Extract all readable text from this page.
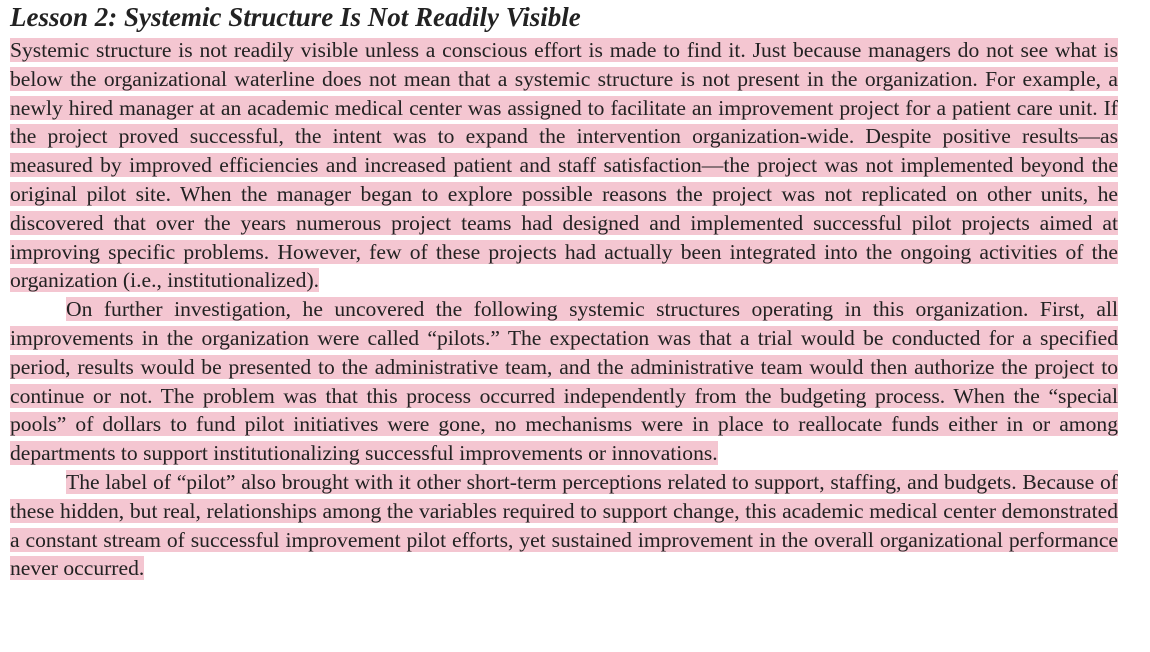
Lesson 2: Systemic Structure Is Not Readily Visible

Systemic structure is not readily visible unless a conscious effort is made to find it. Just because managers do not see what is below the organizational waterline does not mean that a systemic structure is not present in the organization. For example, a newly hired manager at an academic medical center was assigned to facilitate an improvement project for a patient care unit. If the project proved successful, the intent was to expand the intervention organization-wide. Despite positive results—as measured by improved efficiencies and increased patient and staff satisfaction—the project was not implemented beyond the original pilot site. When the manager began to explore possible reasons the project was not replicated on other units, he discovered that over the years numerous project teams had designed and implemented successful pilot projects aimed at improving specific problems. However, few of these projects had actually been integrated into the ongoing activities of the organization (i.e., institutionalized).

On further investigation, he uncovered the following systemic structures operating in this organization. First, all improvements in the organization were called “pilots.” The expectation was that a trial would be conducted for a specified period, results would be presented to the administrative team, and the administrative team would then authorize the project to continue or not. The problem was that this process occurred independently from the budgeting process. When the “special pools” of dollars to fund pilot initiatives were gone, no mechanisms were in place to reallocate funds either in or among departments to support institutionalizing successful improvements or innovations.

The label of “pilot” also brought with it other short-term perceptions related to support, staffing, and budgets. Because of these hidden, but real, relationships among the variables required to support change, this academic medical center demonstrated a constant stream of successful improvement pilot efforts, yet sustained improvement in the overall organizational performance never occurred.
